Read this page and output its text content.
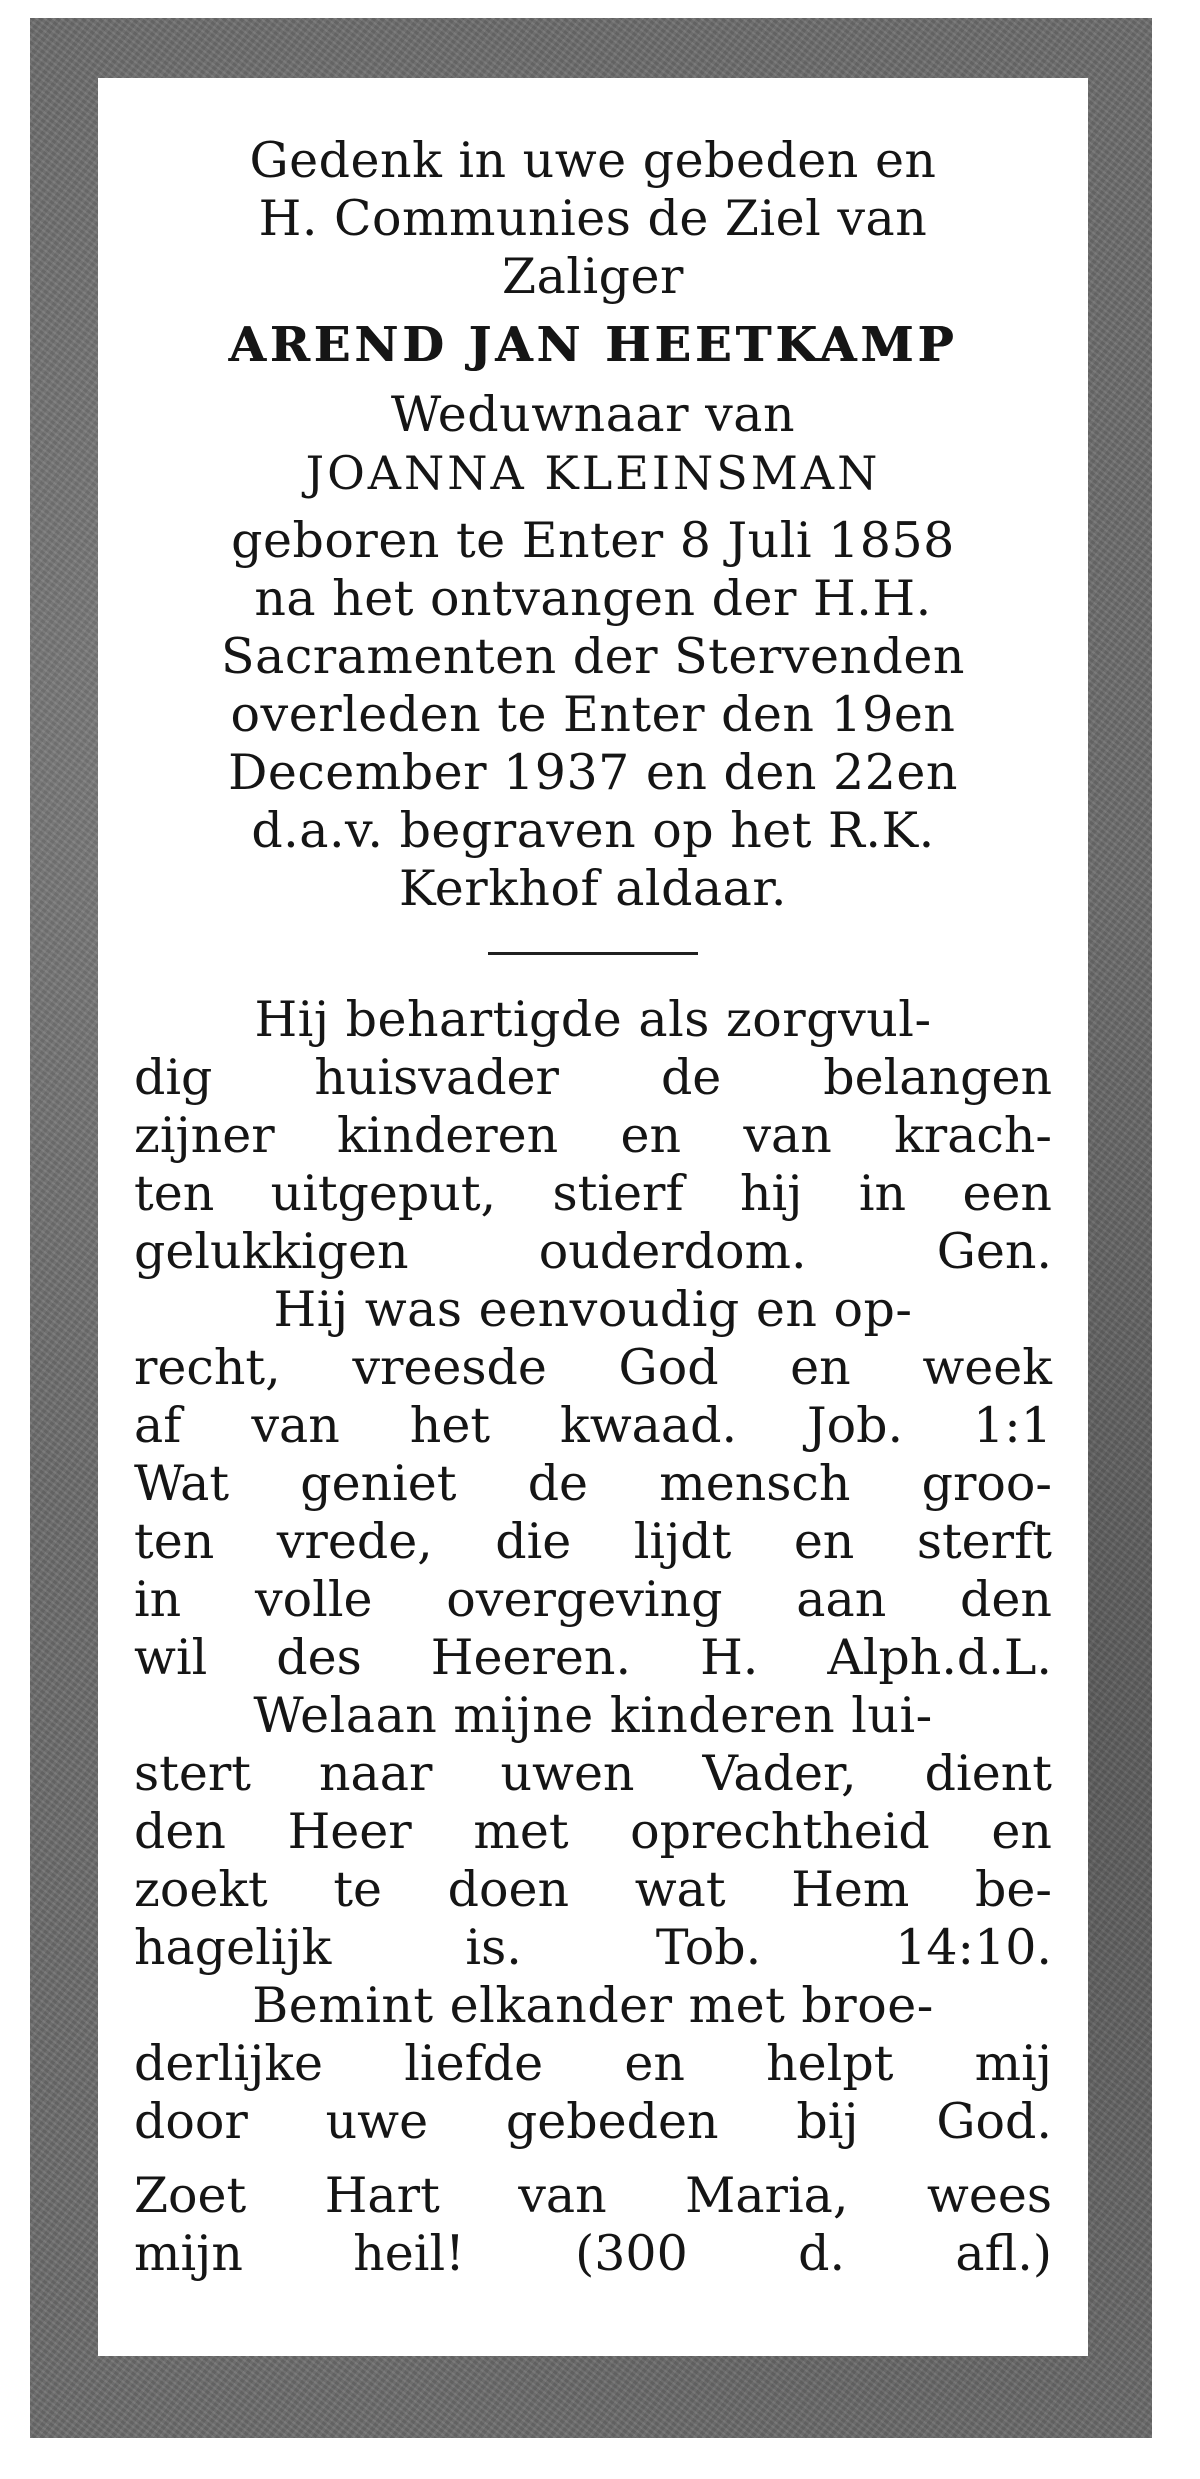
Gedenk in uwe gebeden en
H. Communies de Ziel van
Zaliger
AREND JAN HEETKAMP
Weduwnaar van
JOANNA KLEINSMAN
geboren te Enter 8 Juli 1858
na het ontvangen der H.H.
Sacramenten der Stervenden
overleden te Enter den 19en
December 1937 en den 22en
d.a.v. begraven op het R.K.
Kerkhof aldaar.
Hij behartigde als zorgvul-
dig huisvader de belangen
zijner kinderen en van krach-
ten uitgeput, stierf hij in een
gelukkigen	ouderdom.	Gen.
Hij was eenvoudig en op-
recht, vreesde God en week
af van het kwaad. Job. 1:1
Wat geniet de mensch groo-
ten vrede, die lijdt en sterft
in volle overgeving aan den
wil des Heeren. H. Alph.d.L.
Welaan mijne kinderen lui-
stert naar uwen Vader, dient
den Heer met oprechtheid en
zoekt te doen wat Hem be-
hagelijk	is.	Tob.	14:10.
Bemint elkander met broe-
derlijke liefde en helpt mij
door uwe gebeden bij God.
Zoet Hart van Maria, wees
mijn heil! (300 d. afl.)
